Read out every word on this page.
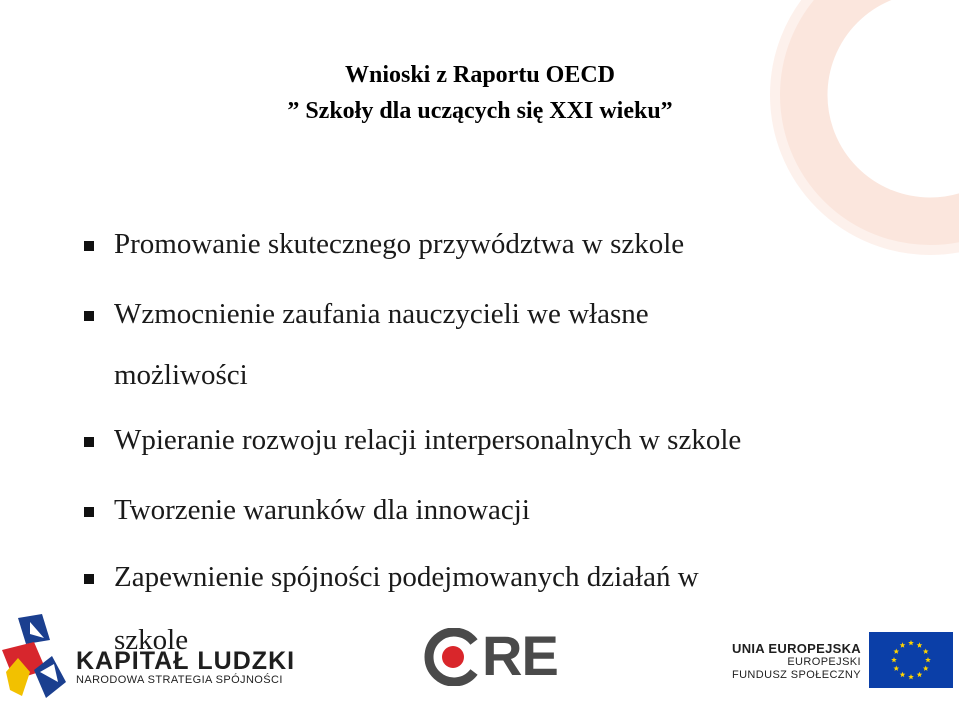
Wnioski z Raportu OECD
” Szkoły dla uczących się XXI wieku”
Promowanie skutecznego przywództwa w szkole
Wzmocnienie zaufania nauczycieli we własne
możliwości
Wpieranie rozwoju relacji interpersonalnych w szkole
Tworzenie warunków dla innowacji
Zapewnienie spójności podejmowanych działań w
KAPITAŁ LUDZKI
NARODOWA STRATEGIA SPÓJNOŚCI
szkole	RE	UNIA EUROPEJSKA
EUROPEJSKI
FUNDUSZ SPOŁECZNY
